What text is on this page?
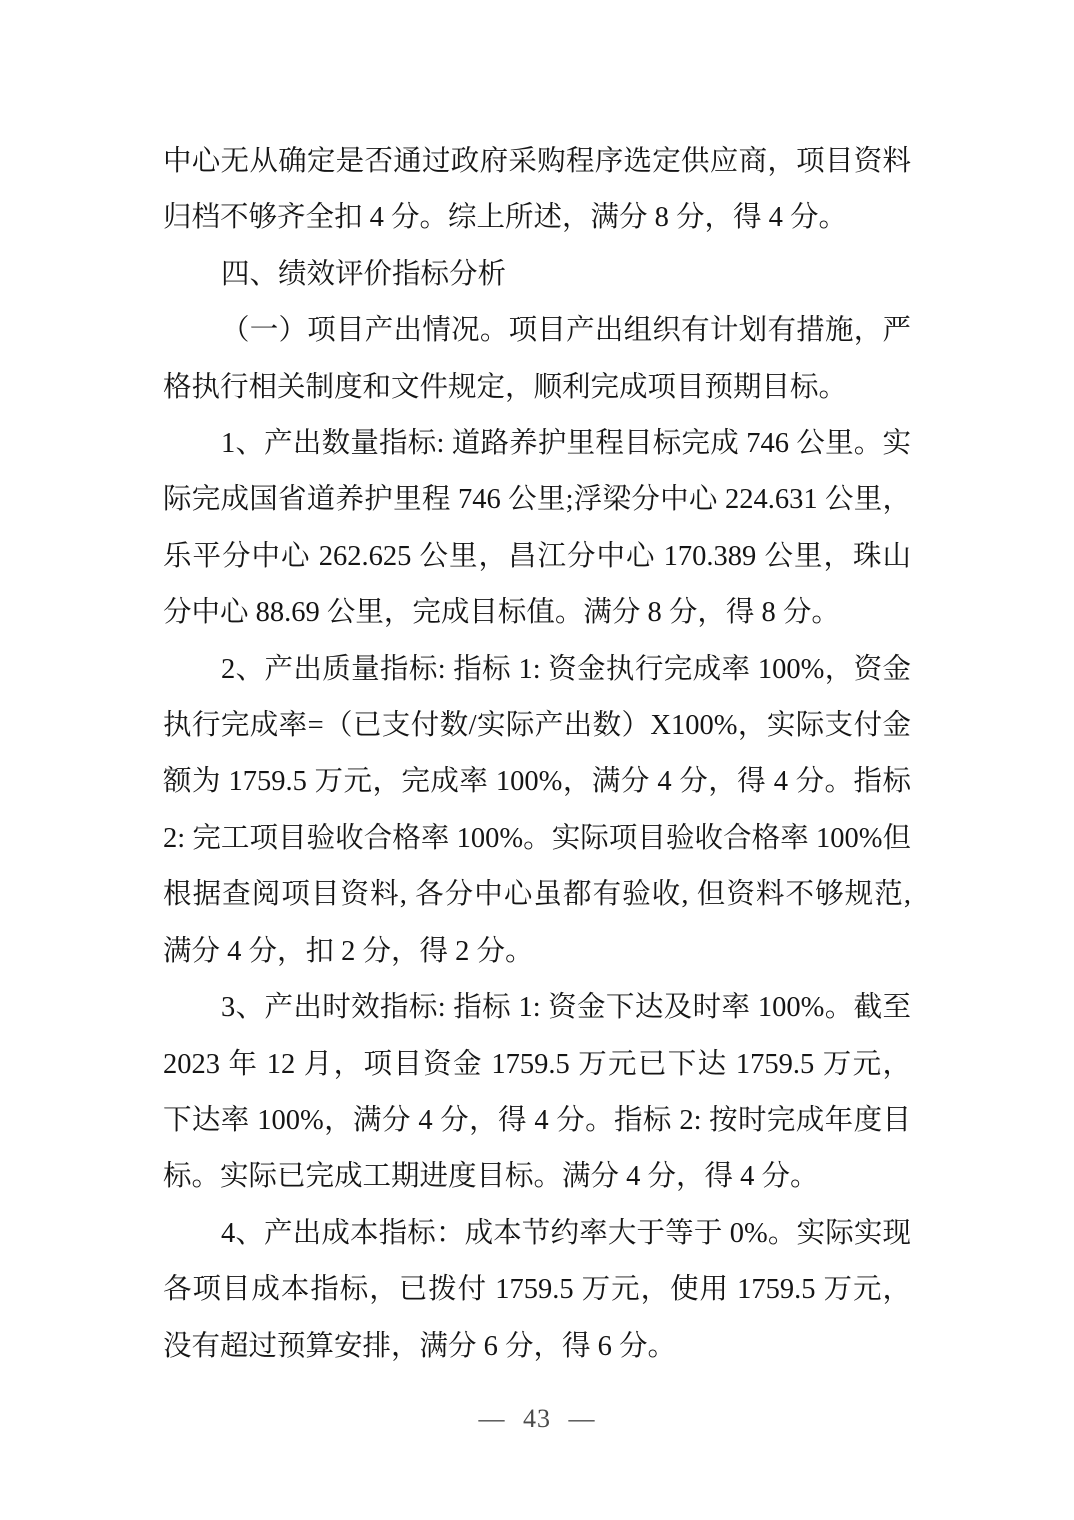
中心无从确定是否通过政府采购程序选定供应商，项目资料归档不够齐全扣 4 分。综上所述，满分 8 分，得 4 分。

四、绩效评价指标分析

（一）项目产出情况。项目产出组织有计划有措施，严格执行相关制度和文件规定，顺利完成项目预期目标。

1、产出数量指标: 道路养护里程目标完成 746 公里。实际完成国省道养护里程 746 公里;浮梁分中心 224.631 公里，乐平分中心 262.625 公里，昌江分中心 170.389 公里，珠山分中心 88.69 公里，完成目标值。满分 8 分，得 8 分。

2、产出质量指标: 指标 1: 资金执行完成率 100%，资金执行完成率=（已支付数/实际产出数）X100%，实际支付金额为 1759.5 万元，完成率 100%，满分 4 分，得 4 分。指标 2: 完工项目验收合格率 100%。实际项目验收合格率 100%但根据查阅项目资料, 各分中心虽都有验收, 但资料不够规范, 满分 4 分，扣 2 分，得 2 分。

3、产出时效指标: 指标 1: 资金下达及时率 100%。截至 2023 年 12 月，项目资金 1759.5 万元已下达 1759.5 万元，下达率 100%，满分 4 分，得 4 分。指标 2: 按时完成年度目标。实际已完成工期进度目标。满分 4 分，得 4 分。

4、产出成本指标：成本节约率大于等于 0%。实际实现各项目成本指标，已拨付 1759.5 万元，使用 1759.5 万元，没有超过预算安排，满分 6 分，得 6 分。

— 43 —
